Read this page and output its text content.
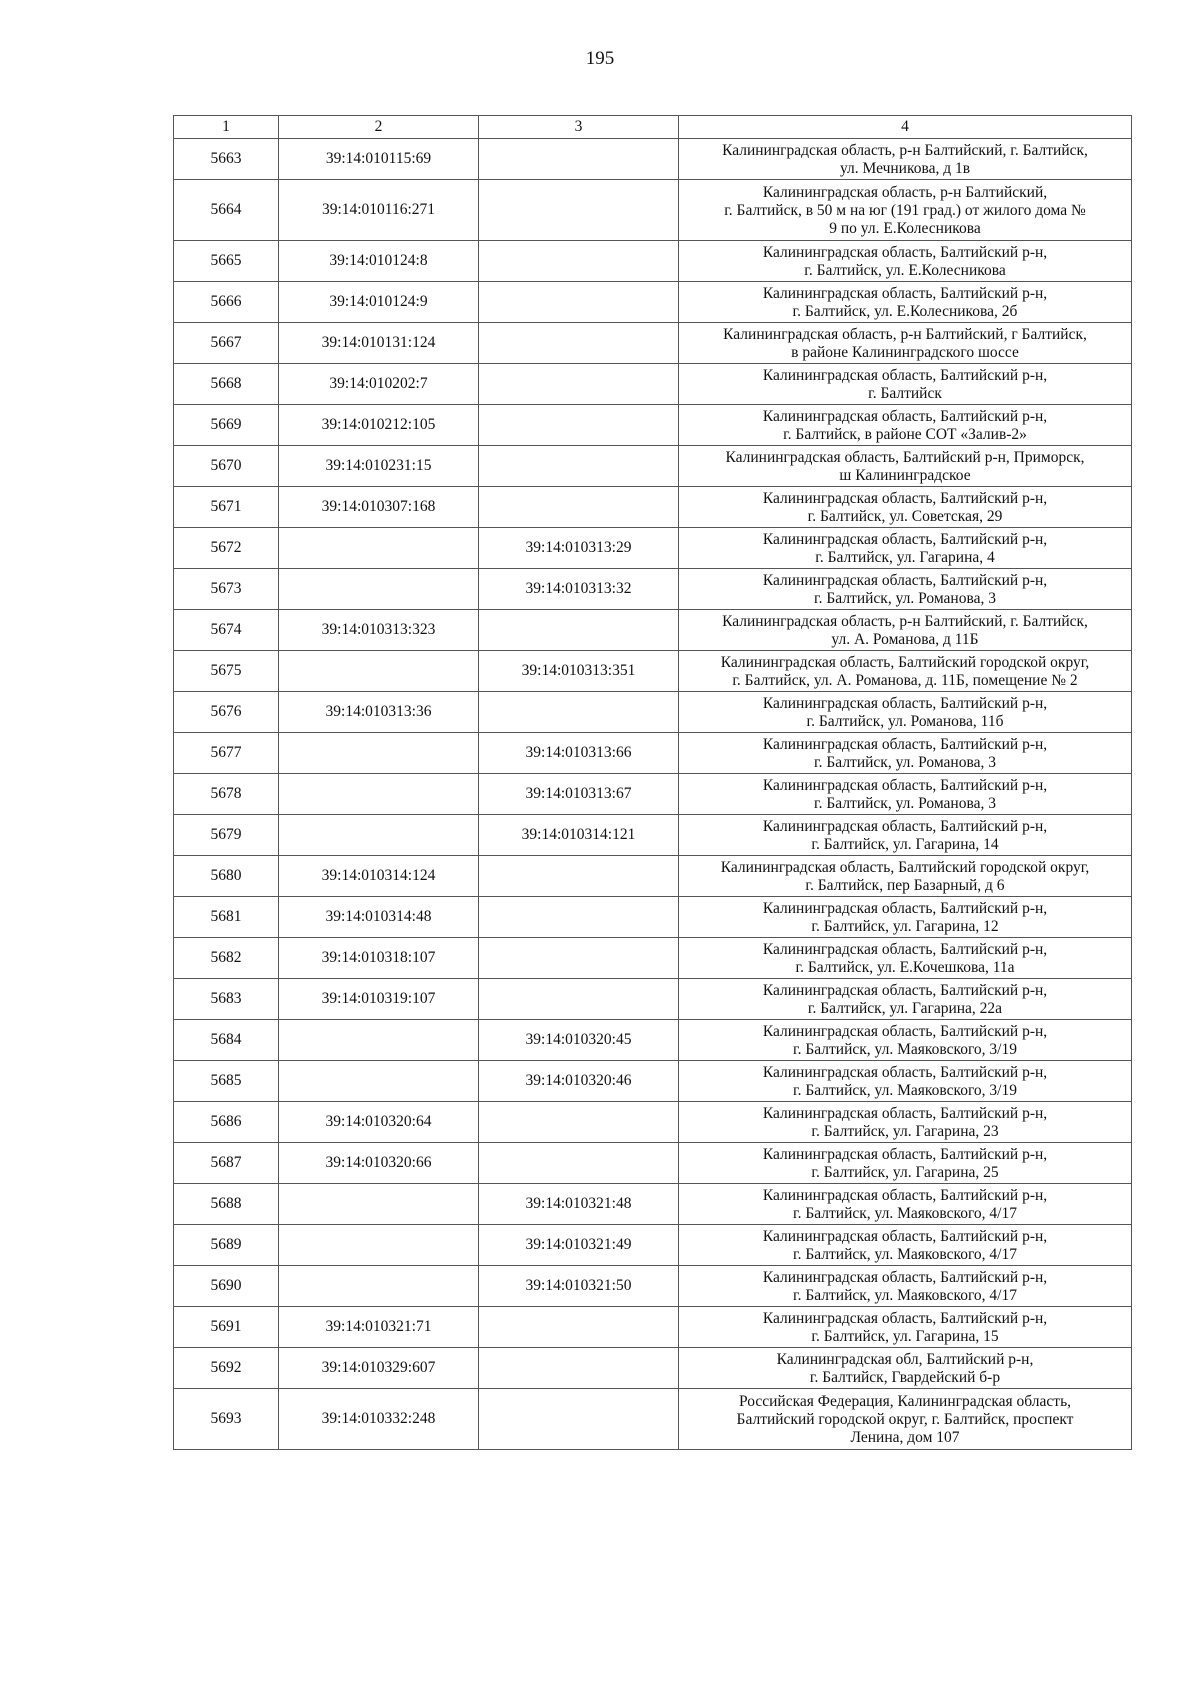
195
1	2	3	4
5663	39:14:010115:69		Калининградская область, р-н Балтийский, г. Балтийск,
ул. Мечникова, д 1в

5664	39:14:010116:271		Калининградская область, р-н Балтийский,
г. Балтийск, в 50 м на юг (191 град.) от жилого дома №
9 по ул. Е.Колесникова

5665	39:14:010124:8		Калининградская область, Балтийский р-н,
г. Балтийск, ул. Е.Колесникова

5666	39:14:010124:9		Калининградская область, Балтийский р-н,
г. Балтийск, ул. Е.Колесникова, 2б

5667	39:14:010131:124		Калининградская область, р-н Балтийский, г Балтийск,
в районе Калининградского шоссе

5668	39:14:010202:7		Калининградская область, Балтийский р-н,
г. Балтийск

5669	39:14:010212:105		Калининградская область, Балтийский р-н,
г. Балтийск, в районе СОТ «Залив-2»

5670	39:14:010231:15		Калининградская область, Балтийский р-н, Приморск,
ш Калининградское

5671	39:14:010307:168		Калининградская область, Балтийский р-н,
г. Балтийск, ул. Советская, 29

5672		39:14:010313:29	Калининградская область, Балтийский р-н,
г. Балтийск, ул. Гагарина, 4

5673		39:14:010313:32	Калининградская область, Балтийский р-н,
г. Балтийск, ул. Романова, 3

5674	39:14:010313:323		Калининградская область, р-н Балтийский, г. Балтийск,
ул. А. Романова, д 11Б

5675		39:14:010313:351	Калининградская область, Балтийский городской округ,
г. Балтийск, ул. А. Романова, д. 11Б, помещение № 2

5676	39:14:010313:36		Калининградская область, Балтийский р-н,
г. Балтийск, ул. Романова, 11б

5677		39:14:010313:66	Калининградская область, Балтийский р-н,
г. Балтийск, ул. Романова, 3

5678		39:14:010313:67	Калининградская область, Балтийский р-н,
г. Балтийск, ул. Романова, 3

5679		39:14:010314:121	Калининградская область, Балтийский р-н,
г. Балтийск, ул. Гагарина, 14

5680	39:14:010314:124		Калининградская область, Балтийский городской округ,
г. Балтийск, пер Базарный, д 6

5681	39:14:010314:48		Калининградская область, Балтийский р-н,
г. Балтийск, ул. Гагарина, 12

5682	39:14:010318:107		Калининградская область, Балтийский р-н,
г. Балтийск, ул. Е.Кочешкова, 11а

5683	39:14:010319:107		Калининградская область, Балтийский р-н,
г. Балтийск, ул. Гагарина, 22а

5684		39:14:010320:45	Калининградская область, Балтийский р-н,
г. Балтийск, ул. Маяковского, 3/19

5685		39:14:010320:46	Калининградская область, Балтийский р-н,
г. Балтийск, ул. Маяковского, 3/19

5686	39:14:010320:64		Калининградская область, Балтийский р-н,
г. Балтийск, ул. Гагарина, 23

5687	39:14:010320:66		Калининградская область, Балтийский р-н,
г. Балтийск, ул. Гагарина, 25

5688		39:14:010321:48	Калининградская область, Балтийский р-н,
г. Балтийск, ул. Маяковского, 4/17

5689		39:14:010321:49	Калининградская область, Балтийский р-н,
г. Балтийск, ул. Маяковского, 4/17

5690		39:14:010321:50	Калининградская область, Балтийский р-н,
г. Балтийск, ул. Маяковского, 4/17

5691	39:14:010321:71		Калининградская область, Балтийский р-н,
г. Балтийск, ул. Гагарина, 15

5692	39:14:010329:607		Калининградская обл, Балтийский р-н,
г. Балтийск, Гвардейский б-р

5693	39:14:010332:248		Российская Федерация, Калининградская область,
Балтийский городской округ, г. Балтийск, проспект
Ленина, дом 107
